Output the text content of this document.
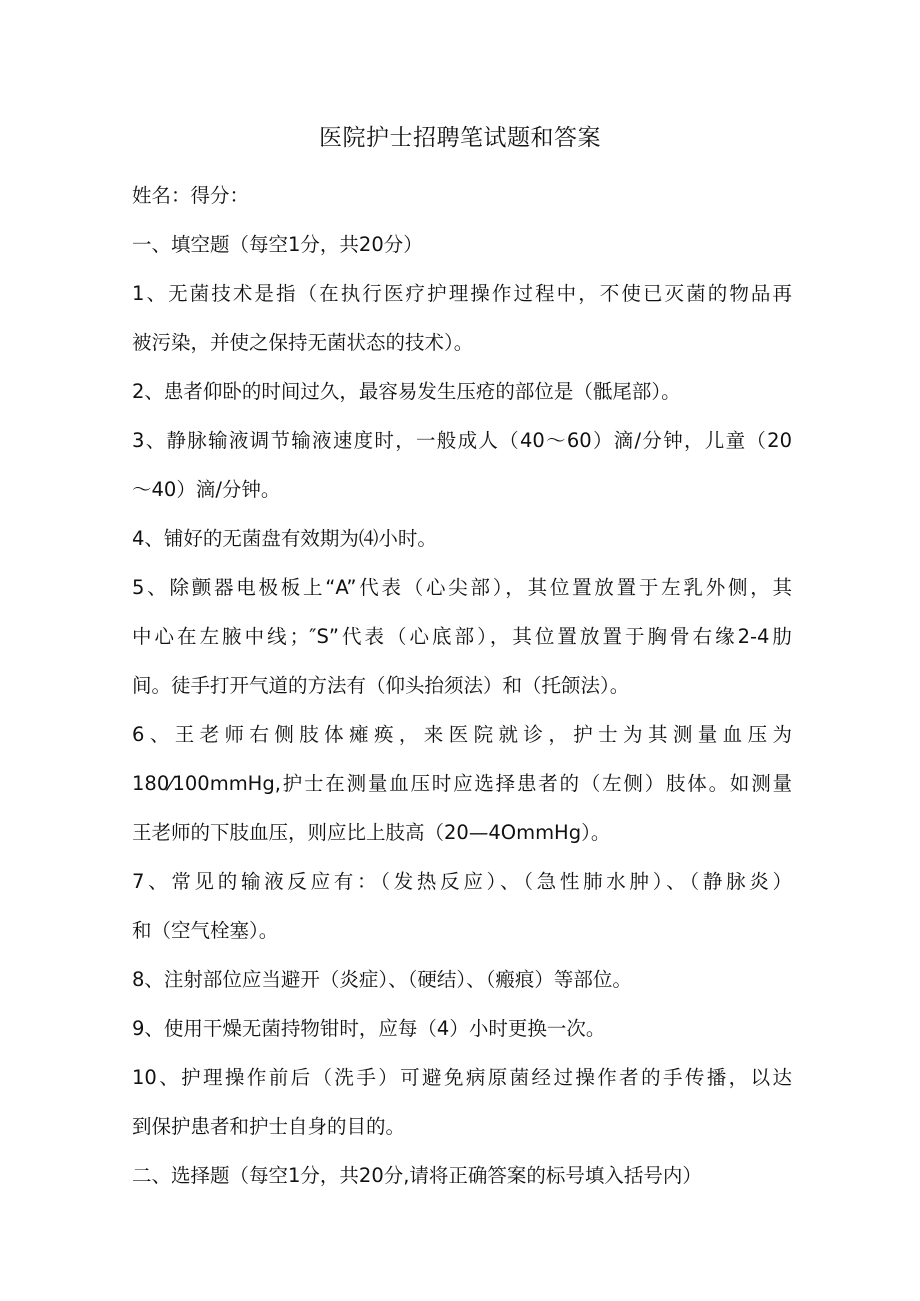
医院护士招聘笔试题和答案
姓名：得分：
一、填空题（每空1分，共20分）
1、无菌技术是指（在执行医疗护理操作过程中，不使已灭菌的物品再
被污染，并使之保持无菌状态的技术）。
2、患者仰卧的时间过久，最容易发生压疮的部位是（骶尾部）。
3、静脉输液调节输液速度时，一般成人（40～60）滴/分钟，儿童（20
～40）滴/分钟。
4、铺好的无菌盘有效期为⑷小时。
5、除颤器电极板上“A”代表（心尖部），其位置放置于左乳外侧，其
中心在左腋中线；″S”代表（心底部），其位置放置于胸骨右缘2-4肋
间。徒手打开气道的方法有（仰头抬须法）和（托颌法）。
6、王老师右侧肢体瘫痪，来医院就诊，护士为其测量血压为
180⁄100mmHg,护士在测量血压时应选择患者的（左侧）肢体。如测量
王老师的下肢血压，则应比上肢高（20—4OmmHg）。
7、常见的输液反应有：（发热反应）、（急性肺水肿）、（静脉炎）
和（空气栓塞）。
8、注射部位应当避开（炎症）、（硬结）、（瘢痕）等部位。
9、使用干燥无菌持物钳时，应每（4）小时更换一次。
10、护理操作前后（洗手）可避免病原菌经过操作者的手传播，以达
到保护患者和护士自身的目的。
二、选择题（每空1分，共20分,请将正确答案的标号填入括号内）
